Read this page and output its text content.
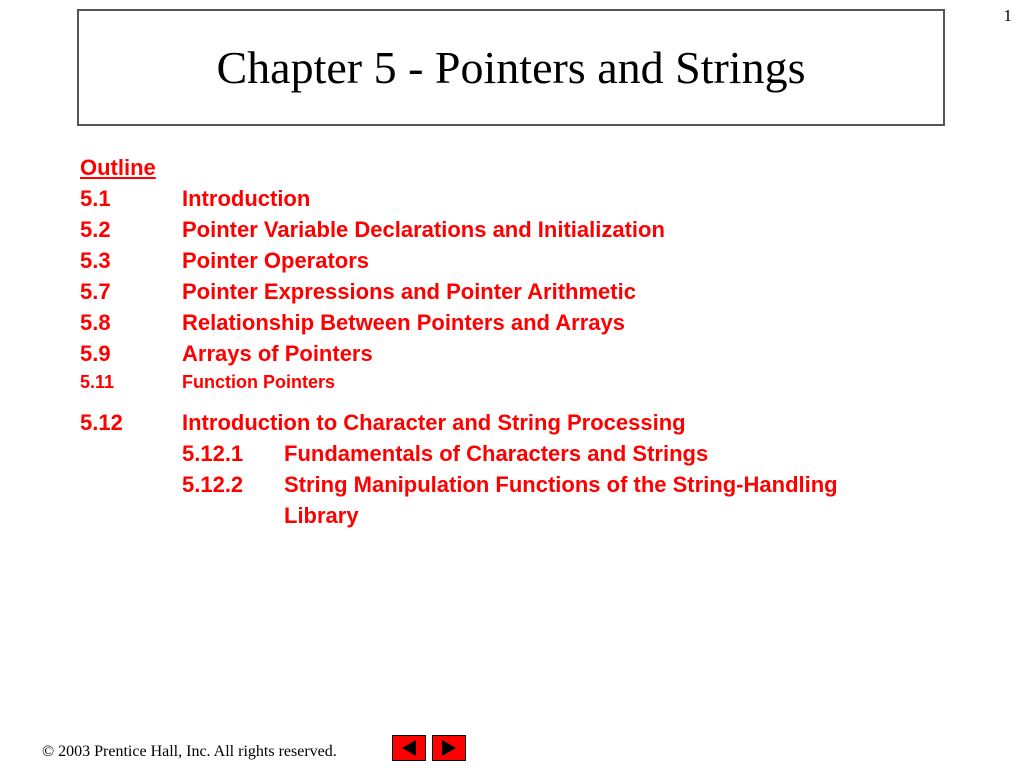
1
Chapter 5 - Pointers and Strings
Outline
5.1	Introduction
5.2	Pointer Variable Declarations and Initialization
5.3	Pointer Operators
5.7	Pointer Expressions and Pointer Arithmetic
5.8	Relationship Between Pointers and Arrays
5.9	Arrays of Pointers
5.11	Function Pointers
5.12	Introduction to Character and String Processing
5.12.1	Fundamentals of Characters and Strings
5.12.2	String Manipulation Functions of the String-Handling Library
© 2003 Prentice Hall, Inc. All rights reserved.
